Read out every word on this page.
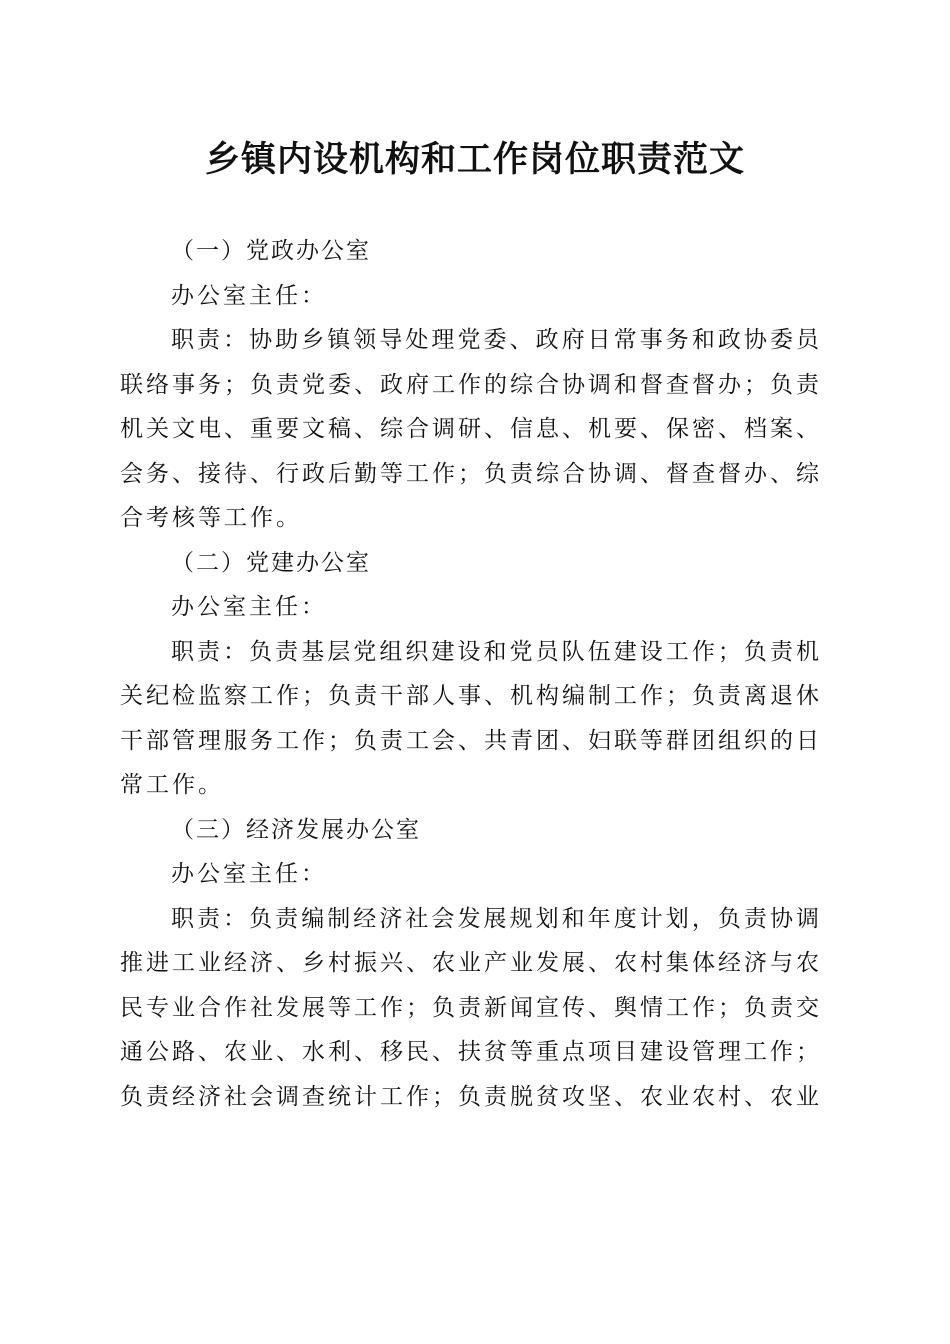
乡镇内设机构和工作岗位职责范文

（一）党政办公室

办公室主任：

职责：协助乡镇领导处理党委、政府日常事务和政协委员联络事务；负责党委、政府工作的综合协调和督查督办；负责机关文电、重要文稿、综合调研、信息、机要、保密、档案、会务、接待、行政后勤等工作；负责综合协调、督查督办、综合考核等工作。

（二）党建办公室

办公室主任：

职责：负责基层党组织建设和党员队伍建设工作；负责机关纪检监察工作；负责干部人事、机构编制工作；负责离退休干部管理服务工作；负责工会、共青团、妇联等群团组织的日常工作。

（三）经济发展办公室

办公室主任：

职责：负责编制经济社会发展规划和年度计划，负责协调推进工业经济、乡村振兴、农业产业发展、农村集体经济与农民专业合作社发展等工作；负责新闻宣传、舆情工作；负责交通公路、农业、水利、移民、扶贫等重点项目建设管理工作；负责经济社会调查统计工作；负责脱贫攻坚、农业农村、农业
